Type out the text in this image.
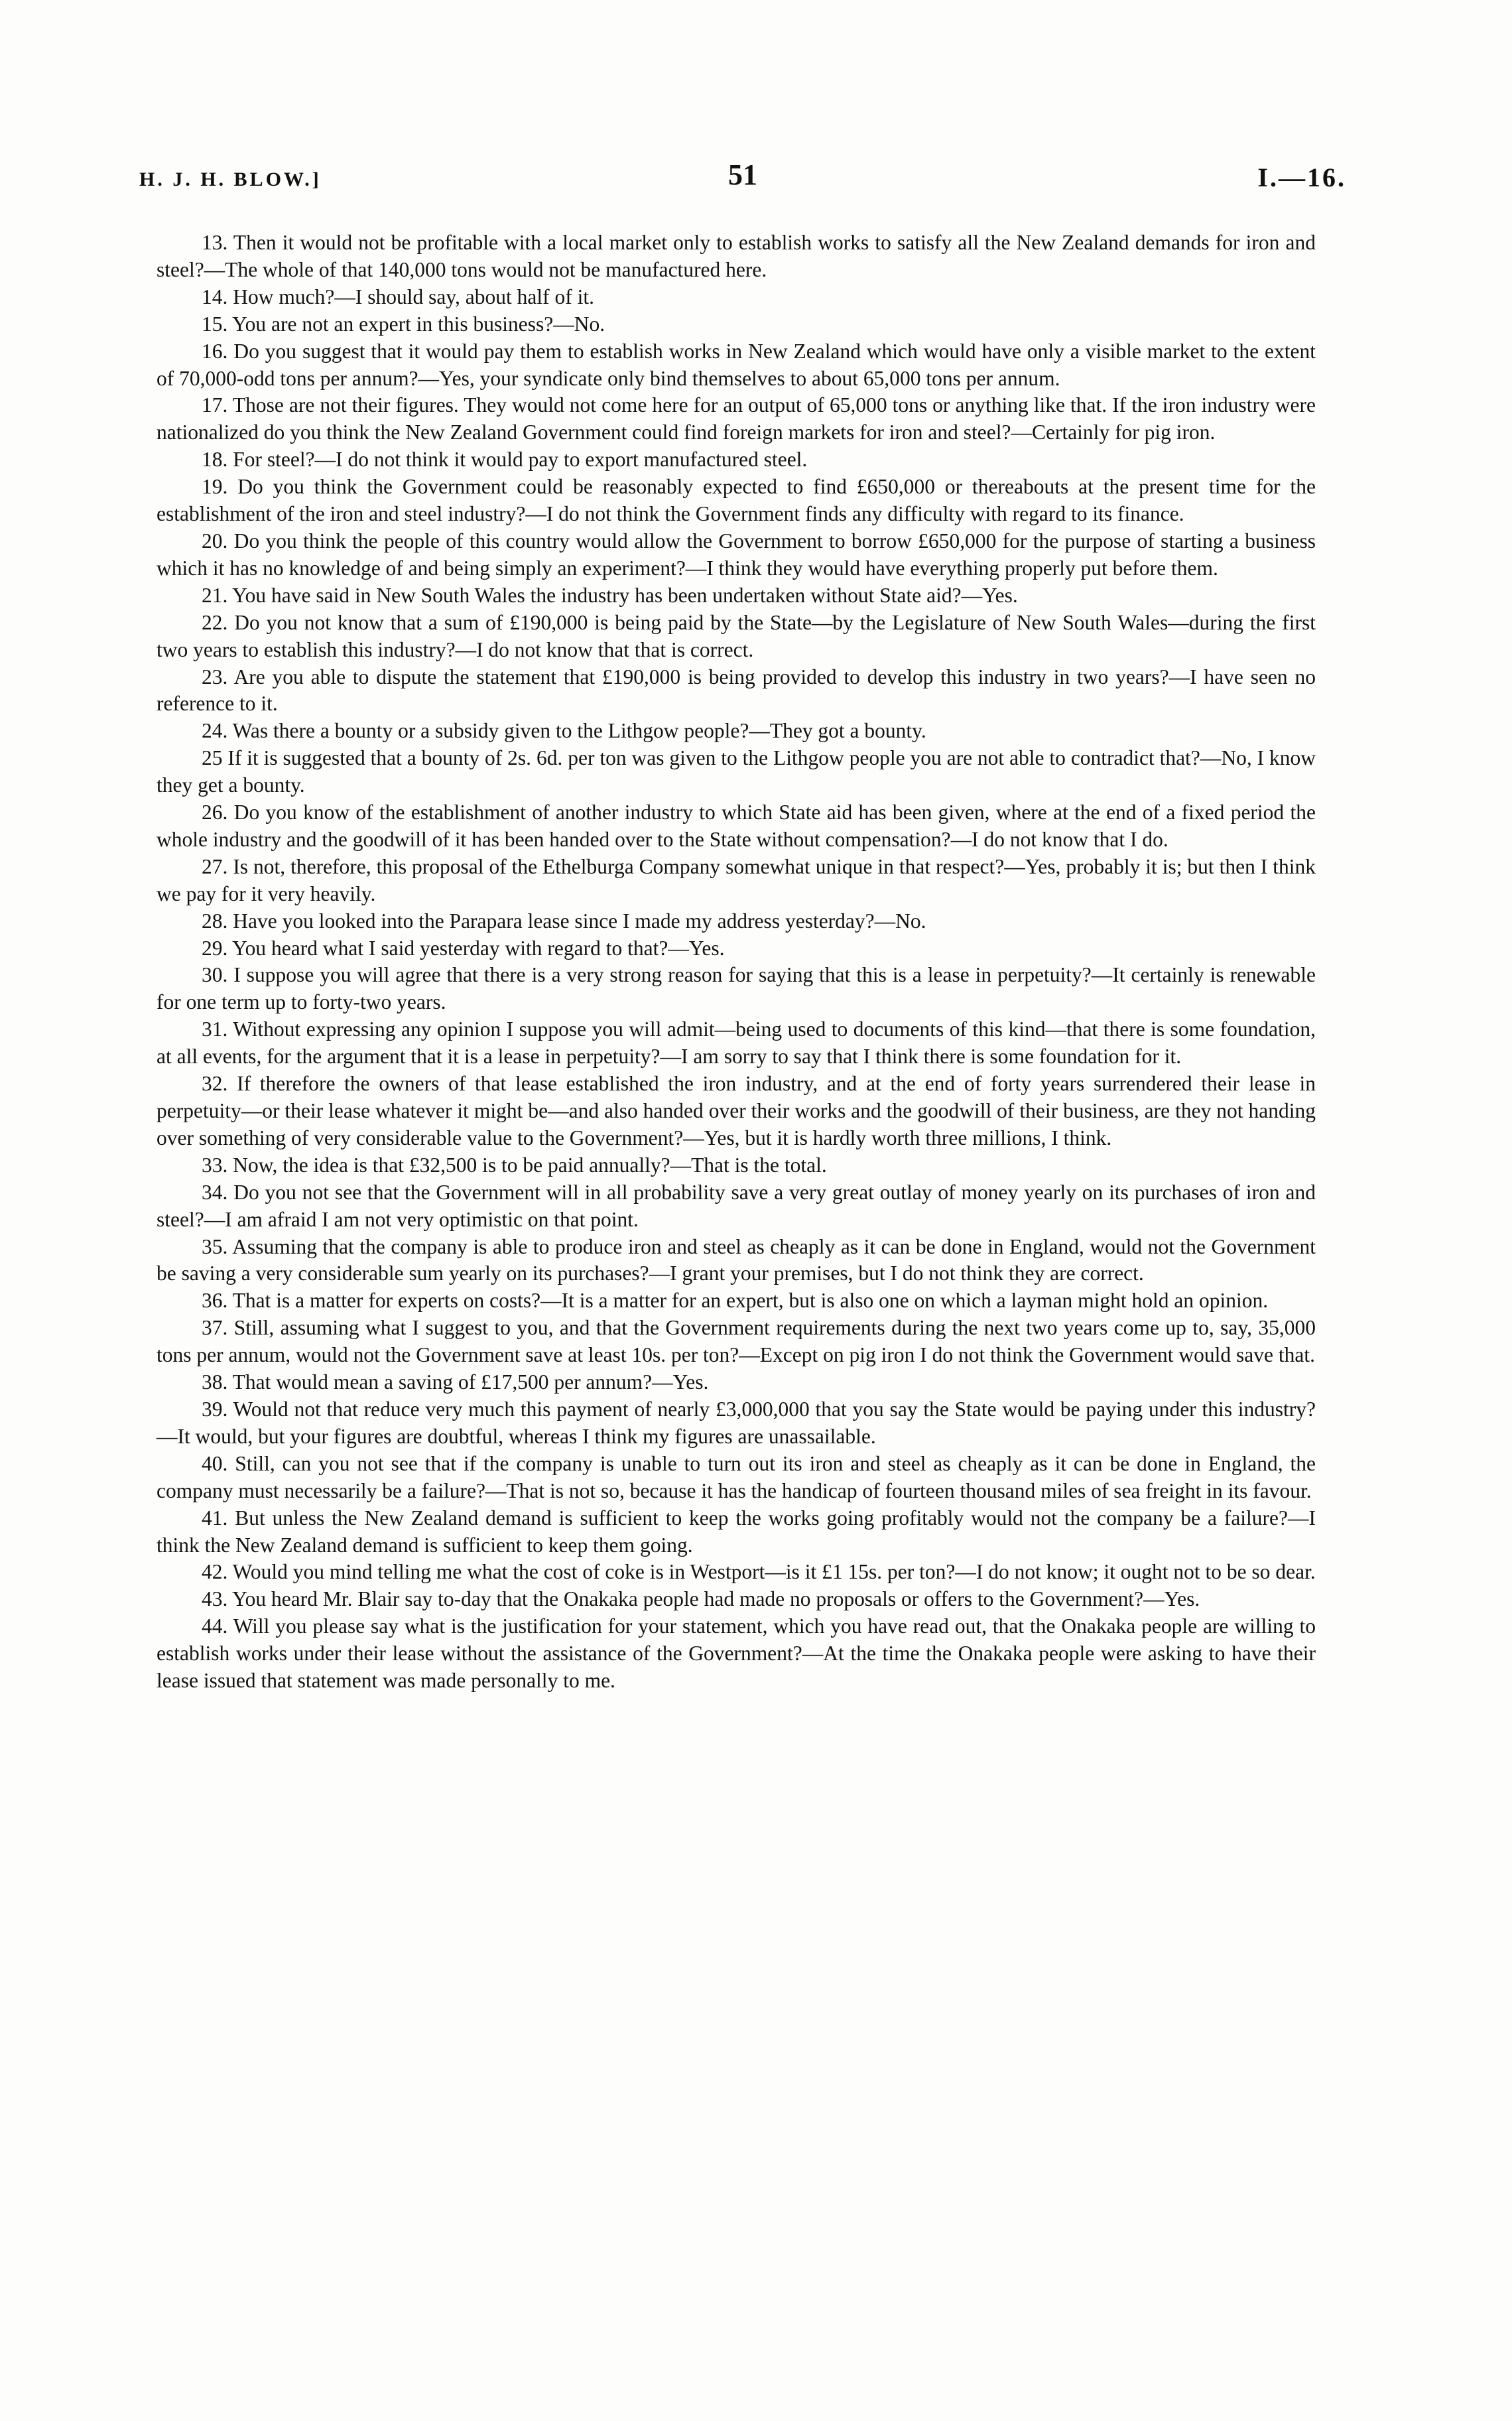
H. J. H. BLOW.]	51	I.—16.

13. Then it would not be profitable with a local market only to establish works to satisfy all the New Zealand demands for iron and steel?—The whole of that 140,000 tons would not be manufactured here.

14. How much?—I should say, about half of it.

15. You are not an expert in this business?—No.

16. Do you suggest that it would pay them to establish works in New Zealand which would have only a visible market to the extent of 70,000-odd tons per annum?—Yes, your syndicate only bind themselves to about 65,000 tons per annum.

17. Those are not their figures. They would not come here for an output of 65,000 tons or anything like that. If the iron industry were nationalized do you think the New Zealand Government could find foreign markets for iron and steel?—Certainly for pig iron.

18. For steel?—I do not think it would pay to export manufactured steel.

19. Do you think the Government could be reasonably expected to find £650,000 or thereabouts at the present time for the establishment of the iron and steel industry?—I do not think the Government finds any difficulty with regard to its finance.

20. Do you think the people of this country would allow the Government to borrow £650,000 for the purpose of starting a business which it has no knowledge of and being simply an experiment?—I think they would have everything properly put before them.

21. You have said in New South Wales the industry has been undertaken without State aid?—Yes.

22. Do you not know that a sum of £190,000 is being paid by the State—by the Legislature of New South Wales—during the first two years to establish this industry?—I do not know that that is correct.

23. Are you able to dispute the statement that £190,000 is being provided to develop this industry in two years?—I have seen no reference to it.

24. Was there a bounty or a subsidy given to the Lithgow people?—They got a bounty.

25 If it is suggested that a bounty of 2s. 6d. per ton was given to the Lithgow people you are not able to contradict that?—No, I know they get a bounty.

26. Do you know of the establishment of another industry to which State aid has been given, where at the end of a fixed period the whole industry and the goodwill of it has been handed over to the State without compensation?—I do not know that I do.

27. Is not, therefore, this proposal of the Ethelburga Company somewhat unique in that respect?—Yes, probably it is; but then I think we pay for it very heavily.

28. Have you looked into the Parapara lease since I made my address yesterday?—No.

29. You heard what I said yesterday with regard to that?—Yes.

30. I suppose you will agree that there is a very strong reason for saying that this is a lease in perpetuity?—It certainly is renewable for one term up to forty-two years.

31. Without expressing any opinion I suppose you will admit—being used to documents of this kind—that there is some foundation, at all events, for the argument that it is a lease in perpetuity?—I am sorry to say that I think there is some foundation for it.

32. If therefore the owners of that lease established the iron industry, and at the end of forty years surrendered their lease in perpetuity—or their lease whatever it might be—and also handed over their works and the goodwill of their business, are they not handing over something of very considerable value to the Government?—Yes, but it is hardly worth three millions, I think.

33. Now, the idea is that £32,500 is to be paid annually?—That is the total.

34. Do you not see that the Government will in all probability save a very great outlay of money yearly on its purchases of iron and steel?—I am afraid I am not very optimistic on that point.

35. Assuming that the company is able to produce iron and steel as cheaply as it can be done in England, would not the Government be saving a very considerable sum yearly on its purchases?—I grant your premises, but I do not think they are correct.

36. That is a matter for experts on costs?—It is a matter for an expert, but is also one on which a layman might hold an opinion.

37. Still, assuming what I suggest to you, and that the Government requirements during the next two years come up to, say, 35,000 tons per annum, would not the Government save at least 10s. per ton?—Except on pig iron I do not think the Government would save that.

38. That would mean a saving of £17,500 per annum?—Yes.

39. Would not that reduce very much this payment of nearly £3,000,000 that you say the State would be paying under this industry?—It would, but your figures are doubtful, whereas I think my figures are unassailable.

40. Still, can you not see that if the company is unable to turn out its iron and steel as cheaply as it can be done in England, the company must necessarily be a failure?—That is not so, because it has the handicap of fourteen thousand miles of sea freight in its favour.

41. But unless the New Zealand demand is sufficient to keep the works going profitably would not the company be a failure?—I think the New Zealand demand is sufficient to keep them going.

42. Would you mind telling me what the cost of coke is in Westport—is it £1 15s. per ton?—I do not know; it ought not to be so dear.

43. You heard Mr. Blair say to-day that the Onakaka people had made no proposals or offers to the Government?—Yes.

44. Will you please say what is the justification for your statement, which you have read out, that the Onakaka people are willing to establish works under their lease without the assistance of the Government?—At the time the Onakaka people were asking to have their lease issued that statement was made personally to me.
